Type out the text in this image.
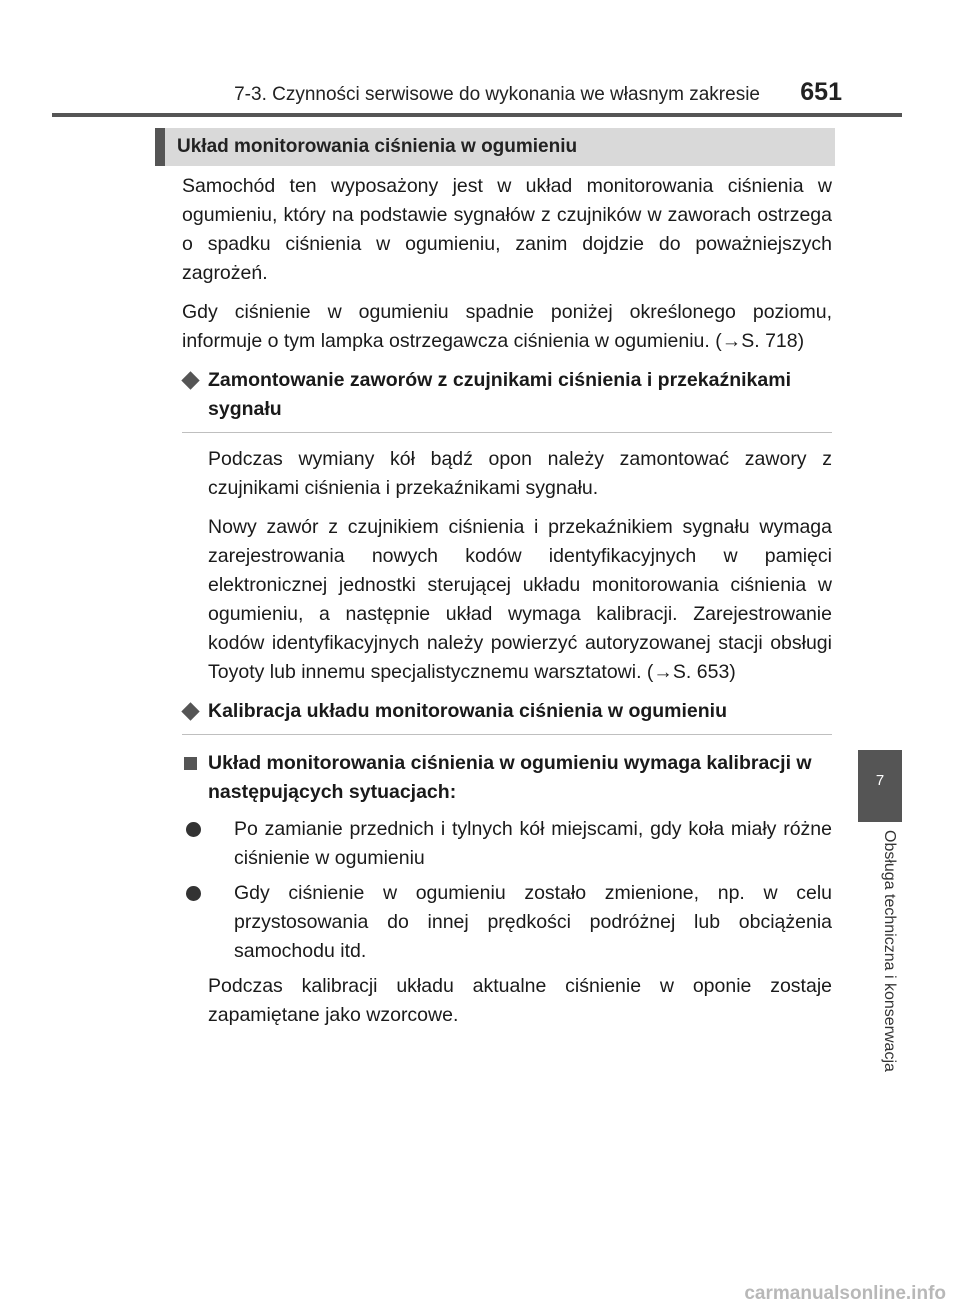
7-3. Czynności serwisowe do wykonania we własnym zakresie 651
Układ monitorowania ciśnienia w ogumieniu

Samochód ten wyposażony jest w układ monitorowania ciśnienia w ogumieniu, który na podstawie sygnałów z czujników w zaworach ostrzega o spadku ciśnienia w ogumieniu, zanim dojdzie do poważniejszych zagrożeń.

Gdy ciśnienie w ogumieniu spadnie poniżej określonego poziomu, informuje o tym lampka ostrzegawcza ciśnienia w ogumieniu. (→S. 718)

Zamontowanie zaworów z czujnikami ciśnienia i przekaźnikami sygnału

Podczas wymiany kół bądź opon należy zamontować zawory z czujnikami ciśnienia i przekaźnikami sygnału.

Nowy zawór z czujnikiem ciśnienia i przekaźnikiem sygnału wymaga zarejestrowania nowych kodów identyfikacyjnych w pamięci elektronicznej jednostki sterującej układu monitorowania ciśnienia w ogumieniu, a następnie układ wymaga kalibracji. Zarejestrowanie kodów identyfikacyjnych należy powierzyć autoryzowanej stacji obsługi Toyoty lub innemu specjalistycznemu warsztatowi. (→S. 653)

Kalibracja układu monitorowania ciśnienia w ogumieniu
Układ monitorowania ciśnienia w ogumieniu wymaga kalibracji w następujących sytuacjach:
Po zamianie przednich i tylnych kół miejscami, gdy koła miały różne ciśnienie w ogumieniu
Gdy ciśnienie w ogumieniu zostało zmienione, np. w celu przystosowania do innej prędkości podróżnej lub obciążenia samochodu itd.

Podczas kalibracji układu aktualne ciśnienie w oponie zostaje zapamiętane jako wzorcowe.

7
Obsługa techniczna i konserwacja
carmanualsonline.info
